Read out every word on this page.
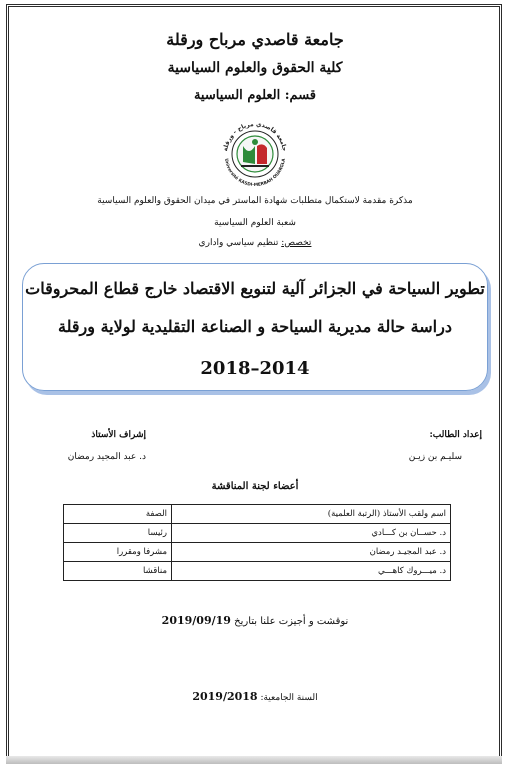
جامعة قاصدي مرباح ورقلة
كلية الحقوق والعلوم السياسية
قسم: العلوم السياسية
جامعة قاصدي مرباح - ورقلة
Université KASDI-MERBAH OUARGLA
مذكرة مقدمة لاستكمال متطلبات شهادة الماستر في ميدان الحقوق والعلوم السياسية
شعبة العلوم السياسية
تخصص: تنظيم سياسي واداري
تطوير السياحة في الجزائر آلية لتنويع الاقتصاد خارج قطاع المحروقات
دراسة حالة مديرية السياحة و الصناعة التقليدية لولاية ورقلة
2018–2014
إعداد الطالب:
سليـم بن زيـن
إشراف الأستاذ
د. عبد المجيد رمضان
أعضاء لجنة المناقشة
اسم ولقب الأستاذ (الرتبة العلمية)	الصفة
د. حســان بن كـــادي	رئيسا
د. عبد المجيـد رمضان	مشرفا ومقررا
د. ميـــروك كاهـــي	مناقشا
نوقشت و أجيزت علنا بتاريخ 2019/09/19
السنة الجامعية: 2019/2018
